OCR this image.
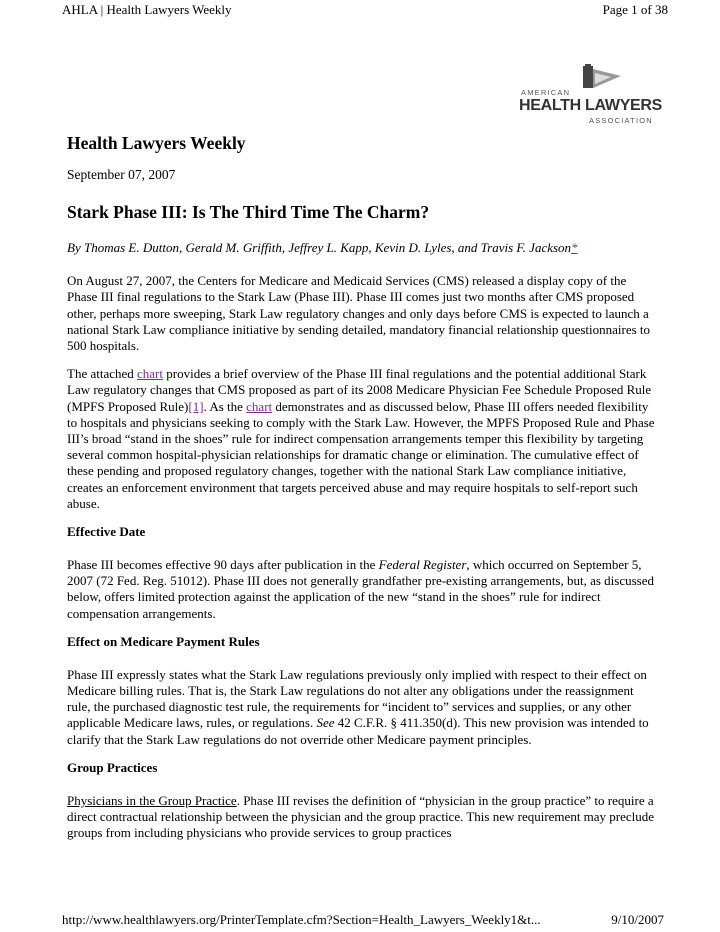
AHLA | Health Lawyers Weekly	Page 1 of 38
AMERICAN
HEALTH LAWYERS
ASSOCIATION
Health Lawyers Weekly
September 07, 2007
Stark Phase III: Is The Third Time The Charm?

By Thomas E. Dutton, Gerald M. Griffith, Jeffrey L. Kapp, Kevin D. Lyles, and Travis F. Jackson*

On August 27, 2007, the Centers for Medicare and Medicaid Services (CMS) released a display copy of the Phase III final regulations to the Stark Law (Phase III). Phase III comes just two months after CMS proposed other, perhaps more sweeping, Stark Law regulatory changes and only days before CMS is expected to launch a national Stark Law compliance initiative by sending detailed, mandatory financial relationship questionnaires to 500 hospitals.

The attached chart provides a brief overview of the Phase III final regulations and the potential additional Stark Law regulatory changes that CMS proposed as part of its 2008 Medicare Physician Fee Schedule Proposed Rule (MPFS Proposed Rule)[1]. As the chart demonstrates and as discussed below, Phase III offers needed flexibility to hospitals and physicians seeking to comply with the Stark Law. However, the MPFS Proposed Rule and Phase III’s broad “stand in the shoes” rule for indirect compensation arrangements temper this flexibility by targeting several common hospital-physician relationships for dramatic change or elimination. The cumulative effect of these pending and proposed regulatory changes, together with the national Stark Law compliance initiative, creates an enforcement environment that targets perceived abuse and may require hospitals to self-report such abuse.

Effective Date

Phase III becomes effective 90 days after publication in the Federal Register, which occurred on September 5, 2007 (72 Fed. Reg. 51012). Phase III does not generally grandfather pre-existing arrangements, but, as discussed below, offers limited protection against the application of the new “stand in the shoes” rule for indirect compensation arrangements.

Effect on Medicare Payment Rules

Phase III expressly states what the Stark Law regulations previously only implied with respect to their effect on Medicare billing rules. That is, the Stark Law regulations do not alter any obligations under the reassignment rule, the purchased diagnostic test rule, the requirements for “incident to” services and supplies, or any other applicable Medicare laws, rules, or regulations. See 42 C.F.R. § 411.350(d). This new provision was intended to clarify that the Stark Law regulations do not override other Medicare payment principles.

Group Practices

Physicians in the Group Practice. Phase III revises the definition of “physician in the group practice” to require a direct contractual relationship between the physician and the group practice. This new requirement may preclude groups from including physicians who provide services to group practices

http://www.healthlawyers.org/PrinterTemplate.cfm?Section=Health_Lawyers_Weekly1&t...	9/10/2007
